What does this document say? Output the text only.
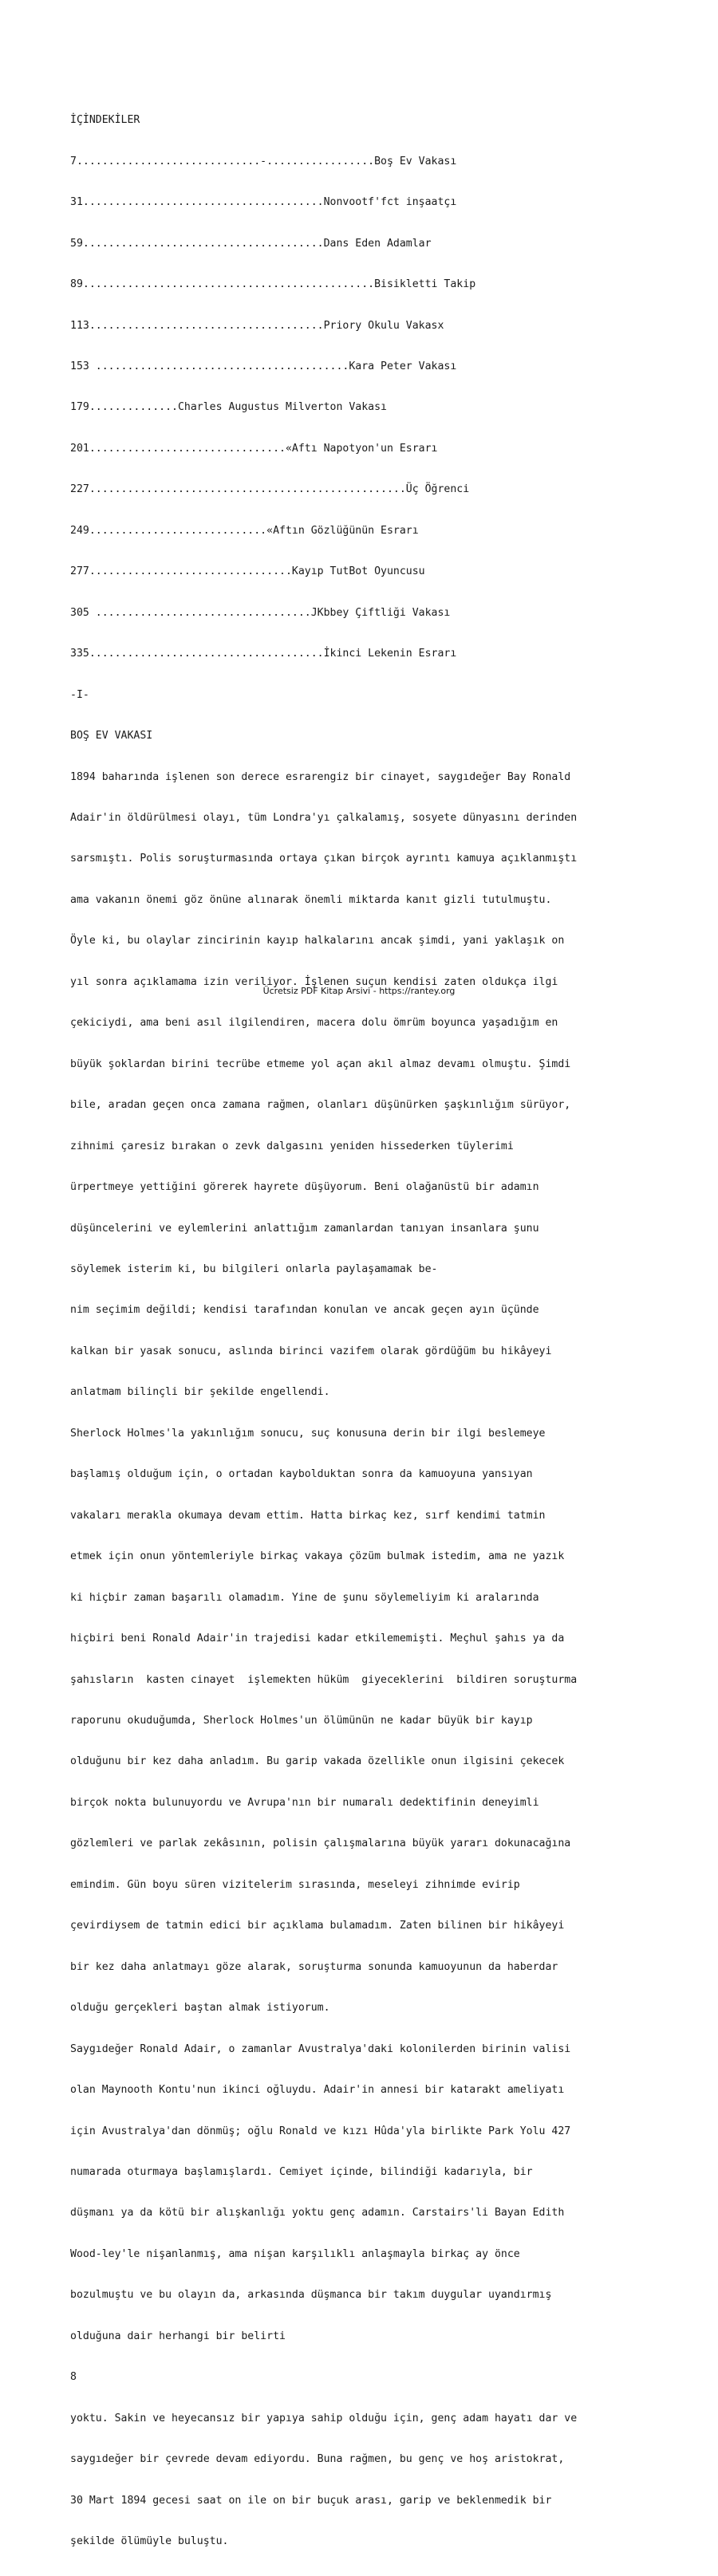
İÇİNDEKİLER

7.............................-.................Boş Ev Vakası

31......................................Nonvootf'fct inşaatçı

59......................................Dans Eden Adamlar

89..............................................Bisikletti Takip

113.....................................Priory Okulu Vakasx

153 ........................................Kara Peter Vakası

179..............Charles Augustus Milverton Vakası

201...............................«Aftı Napotyon'un Esrarı

227..................................................Üç Öğrenci

249............................«Aftın Gözlüğünün Esrarı

277................................Kayıp TutBot Oyuncusu

305 ..................................JKbbey Çiftliği Vakası

335.....................................İkinci Lekenin Esrarı

-I-

BOŞ EV VAKASI

1894 baharında işlenen son derece esrarengiz bir cinayet, saygıdeğer Bay Ronald

Adair'in öldürülmesi olayı, tüm Londra'yı çalkalamış, sosyete dünyasını derinden

sarsmıştı. Polis soruşturmasında ortaya çıkan birçok ayrıntı kamuya açıklanmıştı

ama vakanın önemi göz önüne alınarak önemli miktarda kanıt gizli tutulmuştu.

Öyle ki, bu olaylar zincirinin kayıp halkalarını ancak şimdi, yani yaklaşık on

yıl sonra açıklamama izin veriliyor. İşlenen suçun kendisi zaten oldukça ilgi

çekiciydi, ama beni asıl ilgilendiren, macera dolu ömrüm boyunca yaşadığım en

büyük şoklardan birini tecrübe etmeme yol açan akıl almaz devamı olmuştu. Şimdi

bile, aradan geçen onca zamana rağmen, olanları düşünürken şaşkınlığım sürüyor,

zihnimi çaresiz bırakan o zevk dalgasını yeniden hissederken tüylerimi

ürpertmeye yettiğini görerek hayrete düşüyorum. Beni olağanüstü bir adamın

düşüncelerini ve eylemlerini anlattığım zamanlardan tanıyan insanlara şunu

söylemek isterim ki, bu bilgileri onlarla paylaşamamak be-

nim seçimim değildi; kendisi tarafından konulan ve ancak geçen ayın üçünde

kalkan bir yasak sonucu, aslında birinci vazifem olarak gördüğüm bu hikâyeyi

anlatmam bilinçli bir şekilde engellendi.

Sherlock Holmes'la yakınlığım sonucu, suç konusuna derin bir ilgi beslemeye

başlamış olduğum için, o ortadan kaybolduktan sonra da kamuoyuna yansıyan

vakaları merakla okumaya devam ettim. Hatta birkaç kez, sırf kendimi tatmin

etmek için onun yöntemleriyle birkaç vakaya çözüm bulmak istedim, ama ne yazık

ki hiçbir zaman başarılı olamadım. Yine de şunu söylemeliyim ki aralarında

hiçbiri beni Ronald Adair'in trajedisi kadar etkilememişti. Meçhul şahıs ya da

şahısların  kasten cinayet  işlemekten hüküm  giyeceklerini  bildiren soruşturma

raporunu okuduğumda, Sherlock Holmes'un ölümünün ne kadar büyük bir kayıp

olduğunu bir kez daha anladım. Bu garip vakada özellikle onun ilgisini çekecek

birçok nokta bulunuyordu ve Avrupa'nın bir numaralı dedektifinin deneyimli

gözlemleri ve parlak zekâsının, polisin çalışmalarına büyük yararı dokunacağına

emindim. Gün boyu süren vizitelerim sırasında, meseleyi zihnimde evirip

çevirdiysem de tatmin edici bir açıklama bulamadım. Zaten bilinen bir hikâyeyi

bir kez daha anlatmayı göze alarak, soruşturma sonunda kamuoyunun da haberdar

olduğu gerçekleri baştan almak istiyorum.

Saygıdeğer Ronald Adair, o zamanlar Avustralya'daki kolonilerden birinin valisi

olan Maynooth Kontu'nun ikinci oğluydu. Adair'in annesi bir katarakt ameliyatı

için Avustralya'dan dönmüş; oğlu Ronald ve kızı Hûda'yla birlikte Park Yolu 427

numarada oturmaya başlamışlardı. Cemiyet içinde, bilindiği kadarıyla, bir

düşmanı ya da kötü bir alışkanlığı yoktu genç adamın. Carstairs'li Bayan Edith

Wood-ley'le nişanlanmış, ama nişan karşılıklı anlaşmayla birkaç ay önce

bozulmuştu ve bu olayın da, arkasında düşmanca bir takım duygular uyandırmış

olduğuna dair herhangi bir belirti

8

yoktu. Sakin ve heyecansız bir yapıya sahip olduğu için, genç adam hayatı dar ve

saygıdeğer bir çevrede devam ediyordu. Buna rağmen, bu genç ve hoş aristokrat,

30 Mart 1894 gecesi saat on ile on bir buçuk arası, garip ve beklenmedik bir

şekilde ölümüyle buluştu.

Ücretsiz PDF Kitap Arsivi - https://rantey.org
